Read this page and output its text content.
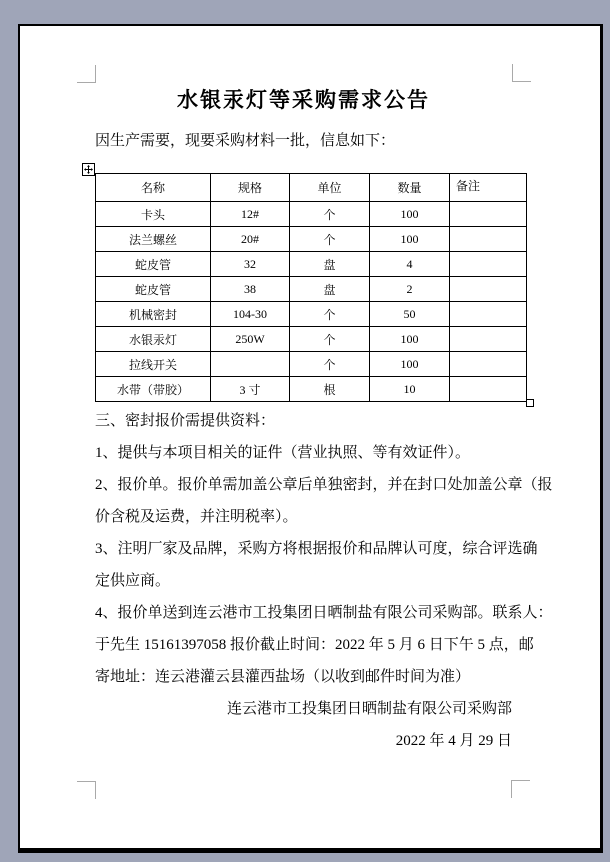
水银汞灯等采购需求公告

因生产需要，现要采购材料一批，信息如下：

名称	规格	单位	数量	备注
卡头	12#	个	100	
法兰螺丝	20#	个	100	
蛇皮管	32	盘	4	
蛇皮管	38	盘	2	
机械密封	104-30	个	50	
水银汞灯	250W	个	100	
拉线开关		个	100	
水带（带胶）	3 寸	根	10	

三、密封报价需提供资料：

1、提供与本项目相关的证件（营业执照、等有效证件）。

2、报价单。报价单需加盖公章后单独密封，并在封口处加盖公章（报

价含税及运费，并注明税率）。

3、注明厂家及品牌，采购方将根据报价和品牌认可度，综合评选确

定供应商。

4、报价单送到连云港市工投集团日晒制盐有限公司采购部。联系人：

于先生 15161397058 报价截止时间：2022 年 5 月 6 日下午 5 点，邮

寄地址：连云港灌云县灌西盐场（以收到邮件时间为准）

连云港市工投集团日晒制盐有限公司采购部

2022 年 4 月 29 日
